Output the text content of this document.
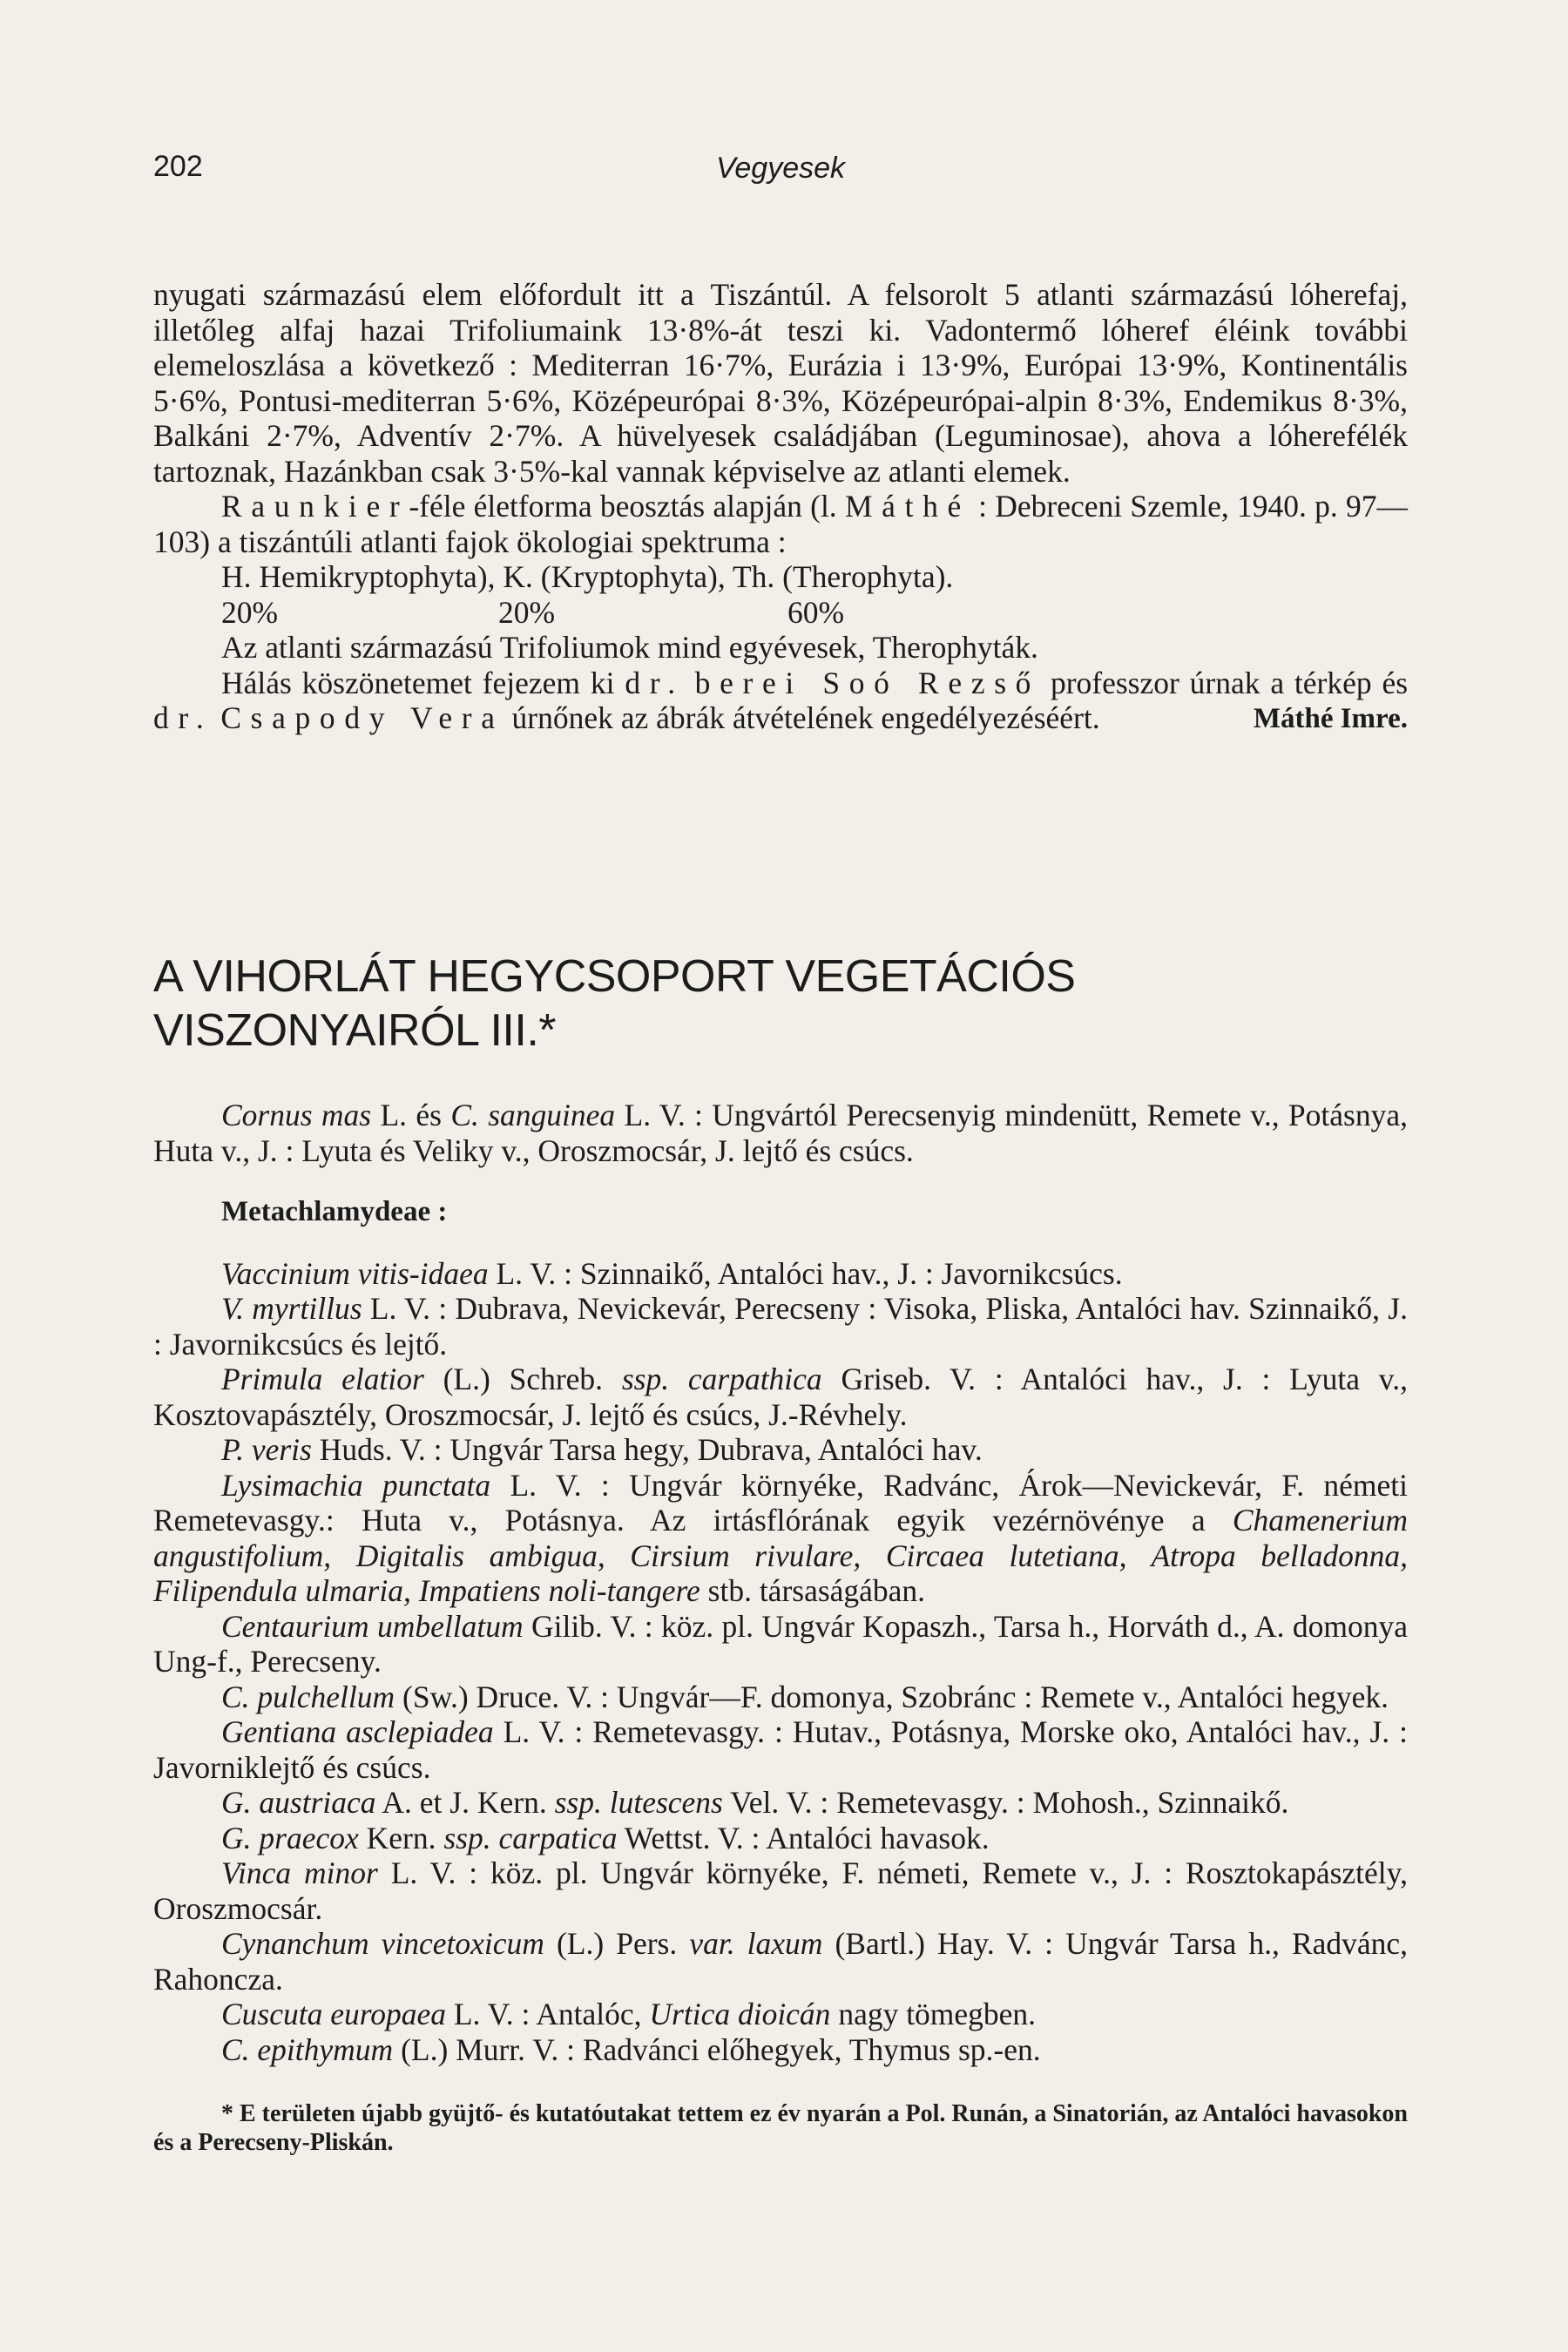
202	Vegyesek

nyugati származású elem előfordult itt a Tiszántúl. A felsorolt 5 atlanti származású lóherefaj, illetőleg alfaj hazai Trifoliumaink 13·8%-át teszi ki. Vadontermő lóheref éléink további elemeloszlása a következő : Mediterran 16·7%, Eurázia i 13·9%, Európai 13·9%, Kontinentális 5·6%, Pontusi-mediterran 5·6%, Középeurópai 8·3%, Középeurópai-alpin 8·3%, Endemikus 8·3%, Balkáni 2·7%, Adventív 2·7%. A hüvelyesek családjában (Leguminosae), ahova a lóherefélék tartoznak, Hazánkban csak 3·5%-kal vannak képviselve az atlanti elemek.

Raunkier-féle életforma beosztás alapján (l. Máthé : Debreceni Szemle, 1940. p. 97—103) a tiszántúli atlanti fajok ökologiai spektruma :

H. Hemikryptophyta), K. (Kryptophyta), Th. (Therophyta).

20%	20%	60%

Az atlanti származású Trifoliumok mind egyévesek, Therophyták.

Hálás köszönetemet fejezem ki dr. berei Soó Rezső professzor úrnak a térkép és dr. Csapody Vera úrnőnek az ábrák átvételének engedélyezéséért.	Máthé Imre.

A VIHORLÁT HEGYCSOPORT VEGETÁCIÓS VISZONYAIRÓL III.*

Cornus mas L. és C. sanguinea L. V. : Ungvártól Perecsenyig mindenütt, Remete v., Potásnya, Huta v., J. : Lyuta és Veliky v., Oroszmocsár, J. lejtő és csúcs.

Metachlamydeae :

Vaccinium vitis-idaea L. V. : Szinnaikő, Antalóci hav., J. : Javornikcsúcs.

V. myrtillus L. V. : Dubrava, Nevickevár, Perecseny : Visoka, Pliska, Antalóci hav. Szinnaikő, J. : Javornikcsúcs és lejtő.

Primula elatior (L.) Schreb. ssp. carpathica Griseb. V. : Antalóci hav., J. : Lyuta v., Kosztovapásztély, Oroszmocsár, J. lejtő és csúcs, J.-Révhely.

P. veris Huds. V. : Ungvár Tarsa hegy, Dubrava, Antalóci hav.

Lysimachia punctata L. V. : Ungvár környéke, Radvánc, Árok—Nevickevár, F. németi Remetevasgy.: Huta v., Potásnya. Az irtásflórának egyik vezérnövénye a Chamenerium angustifolium, Digitalis ambigua, Cirsium rivulare, Circaea lutetiana, Atropa belladonna, Filipendula ulmaria, Impatiens noli-tangere stb. társaságában.

Centaurium umbellatum Gilib. V. : köz. pl. Ungvár Kopaszh., Tarsa h., Horváth d., A. domonya Ung-f., Perecseny.

C. pulchellum (Sw.) Druce. V. : Ungvár—F. domonya, Szobránc : Remete v., Antalóci hegyek.

Gentiana asclepiadea L. V. : Remetevasgy. : Hutav., Potásnya, Morske oko, Antalóci hav., J. : Javorniklejtő és csúcs.

G. austriaca A. et J. Kern. ssp. lutescens Vel. V. : Remetevasgy. : Mohosh., Szinnaikő.

G. praecox Kern. ssp. carpatica Wettst. V. : Antalóci havasok.

Vinca minor L. V. : köz. pl. Ungvár környéke, F. németi, Remete v., J. : Rosztokapásztély, Oroszmocsár.

Cynanchum vincetoxicum (L.) Pers. var. laxum (Bartl.) Hay. V. : Ungvár Tarsa h., Radvánc, Rahoncza.

Cuscuta europaea L. V. : Antalóc, Urtica dioicán nagy tömegben.

C. epithymum (L.) Murr. V. : Radvánci előhegyek, Thymus sp.-en.

* E területen újabb gyüjtő- és kutatóutakat tettem ez év nyarán a Pol. Runán, a Sinatorián, az Antalóci havasokon és a Perecseny-Pliskán.
